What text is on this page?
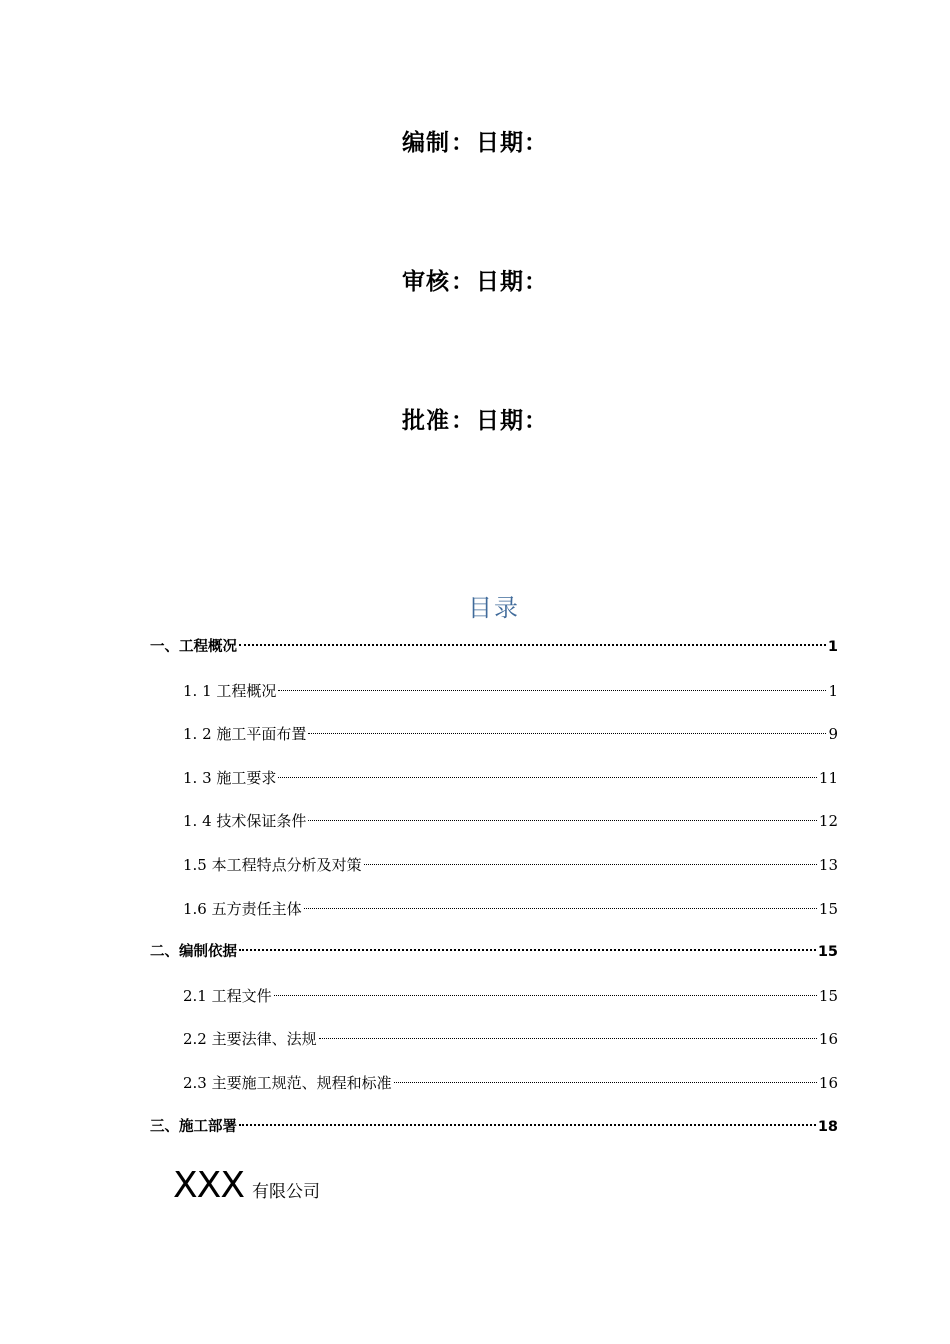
编制：日期：
审核：日期：
批准：日期：
目录
一、工程概况	1
1. 1 工程概况	1
1. 2 施工平面布置	9
1. 3 施工要求	11
1. 4 技术保证条件	12
1.5 本工程特点分析及对策	13
1.6 五方责任主体	15
二、编制依据	15
2.1 工程文件	15
2.2 主要法律、法规	16
2.3 主要施工规范、规程和标准	16
三、施工部署	18
XXX 有限公司
